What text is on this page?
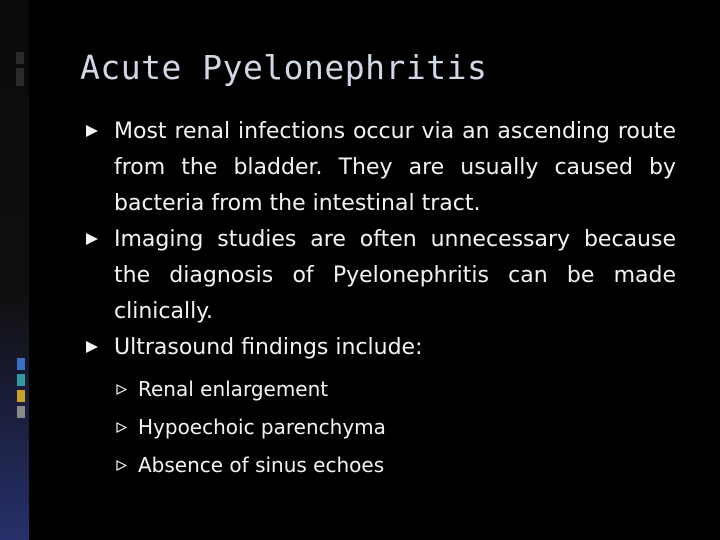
Acute Pyelonephritis
Most renal infections occur via an ascending route from the bladder. They are usually caused by bacteria from the intestinal tract.
Imaging studies are often unnecessary because the diagnosis of Pyelonephritis can be made clinically.
Ultrasound findings include:
Renal enlargement
Hypoechoic parenchyma
Absence of sinus echoes
